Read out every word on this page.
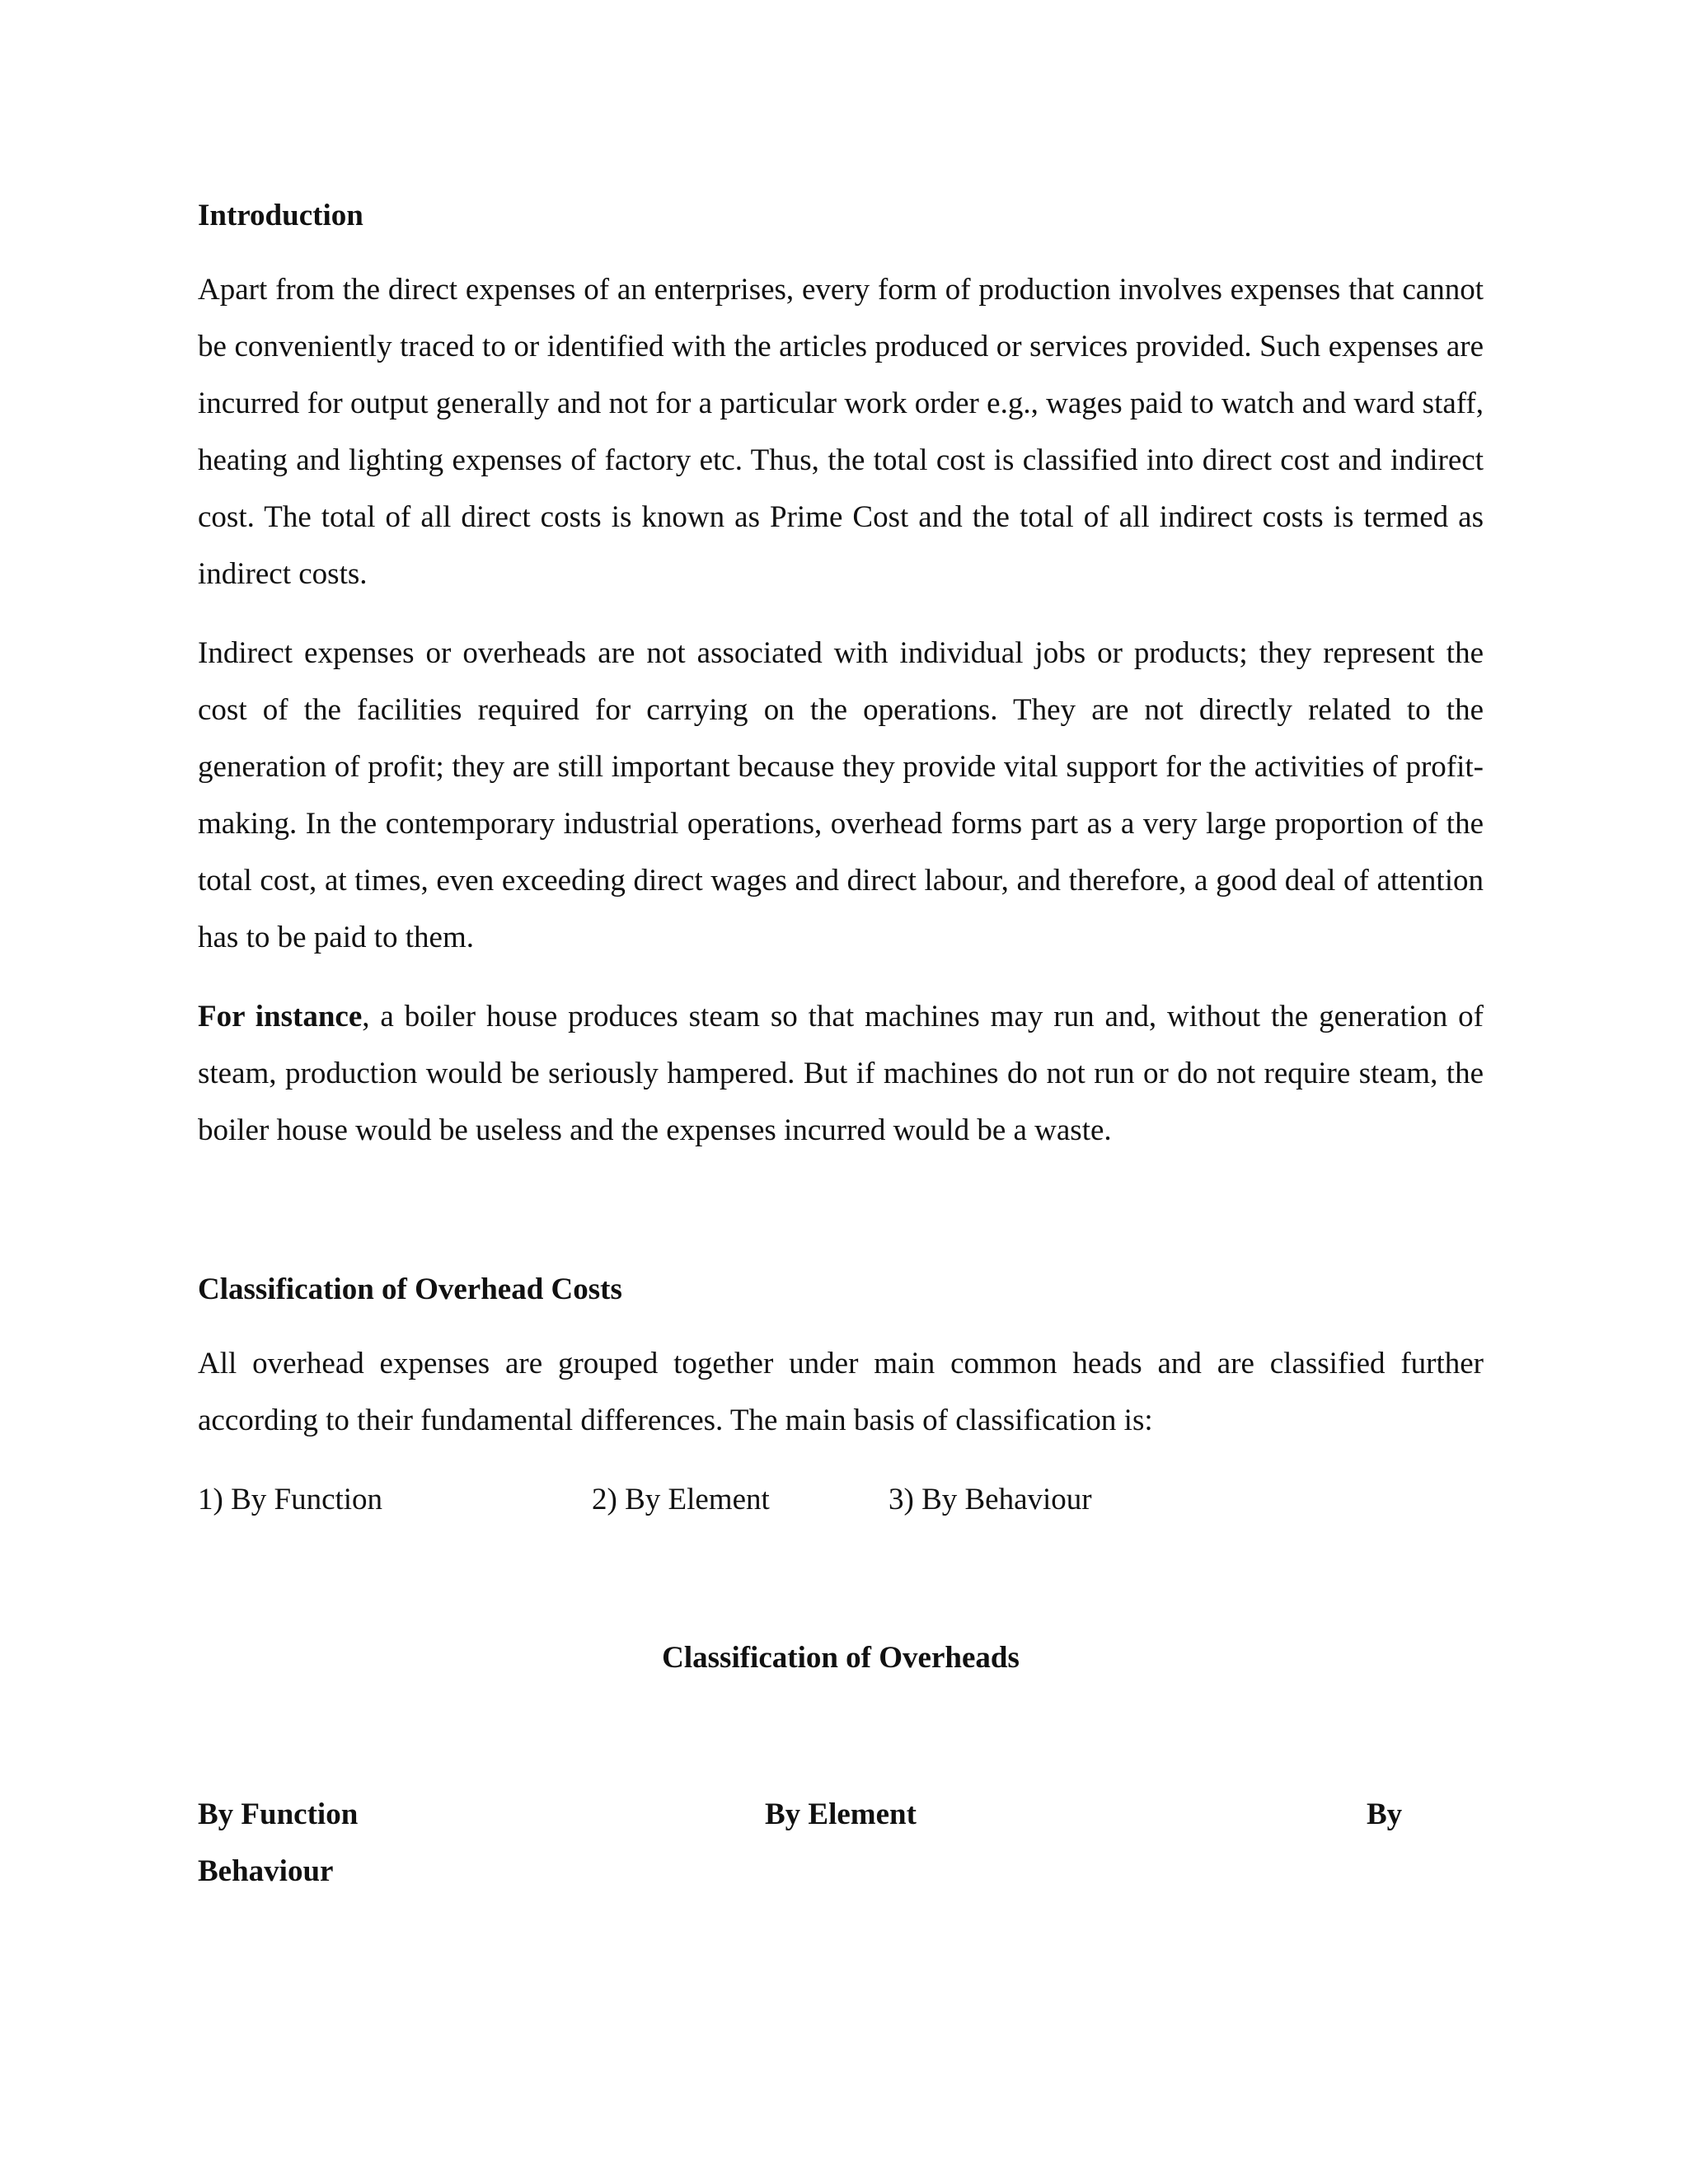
Introduction

Apart from the direct expenses of an enterprises, every form of production involves expenses that cannot be conveniently traced to or identified with the articles produced or services provided. Such expenses are incurred for output generally and not for a particular work order e.g., wages paid to watch and ward staff, heating and lighting expenses of factory etc. Thus, the total cost is classified into direct cost and indirect cost. The total of all direct costs is known as Prime Cost and the total of all indirect costs is termed as indirect costs.

Indirect expenses or overheads are not associated with individual jobs or products; they represent the cost of the facilities required for carrying on the operations. They are not directly related to the generation of profit; they are still important because they provide vital support for the activities of profit-making. In the contemporary industrial operations, overhead forms part as a very large proportion of the total cost, at times, even exceeding direct wages and direct labour, and therefore, a good deal of attention has to be paid to them.

For instance, a boiler house produces steam so that machines may run and, without the generation of steam, production would be seriously hampered. But if machines do not run or do not require steam, the boiler house would be useless and the expenses incurred would be a waste.

Classification of Overhead Costs

All overhead expenses are grouped together under main common heads and are classified further according to their fundamental differences. The main basis of classification is:

1) By Function	2) By Element	3) By Behaviour
Classification of Overheads
By Function	By Element	By
Behaviour
